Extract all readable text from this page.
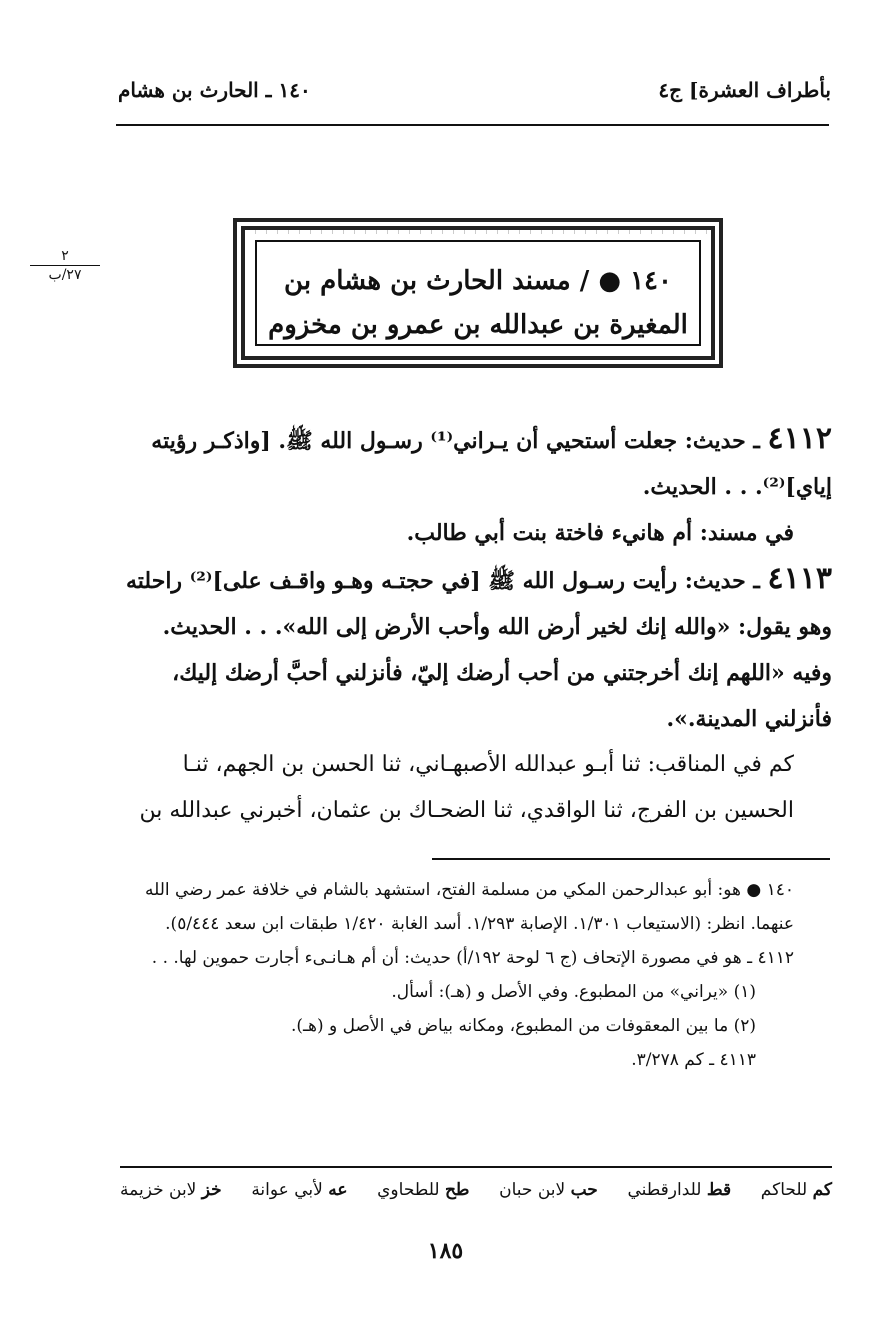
بأطراف العشرة] ج٤
١٤٠ ـ الحارث بن هشام
٢
٢٧/ب	١٤٠ ● / مسند الحارث بن هشام بن
المغيرة بن عبدالله بن عمرو بن مخزوم

٤١١٢ ـ حديث: جعلت أستحيي أن يـراني⁽¹⁾ رسـول الله ﷺ. [واذكـر رؤيته إياي]⁽²⁾. . . الحديث.

في مسند: أم هانيء فاختة بنت أبي طالب.

٤١١٣ ـ حديث: رأيت رسـول الله ﷺ [في حجتـه وهـو واقـف على]⁽²⁾ راحلته وهو يقول: «والله إنك لخير أرض الله وأحب الأرض إلى الله». . . الحديث. وفيه «اللهم إنك أخرجتني من أحب أرضك إليّ، فأنزلني أحبَّ أرضك إليك، فأنزلني المدينة.».

كم في المناقب: ثنا أبـو عبدالله الأصبهـاني، ثنا الحسن بن الجهم، ثنـا الحسين بن الفرج، ثنا الواقدي، ثنا الضحـاك بن عثمان، أخبرني عبدالله بن

١٤٠ ● هو: أبو عبدالرحمن المكي من مسلمة الفتح، استشهد بالشام في خلافة عمر رضي الله عنهما. انظر: (الاستيعاب ١/٣٠١. الإصابة ١/٢٩٣. أسد الغابة ١/٤٢٠ طبقات ابن سعد ٥/٤٤٤).

٤١١٢ ـ هو في مصورة الإتحاف (ج ٦ لوحة ١٩٢/أ) حديث: أن أم هـانـىء أجارت حموين لها. . .

(١) «يراني» من المطبوع. وفي الأصل و (هـ): أسأل.

(٢) ما بين المعقوفات من المطبوع، ومكانه بياض في الأصل و (هـ).

٤١١٣ ـ كم ٣/٢٧٨.

خز لابن خزيمة	عه لأبي عوانة	طح للطحاوي	حب لابن حبان	قط للدارقطني	كم للحاكم
١٨٥
